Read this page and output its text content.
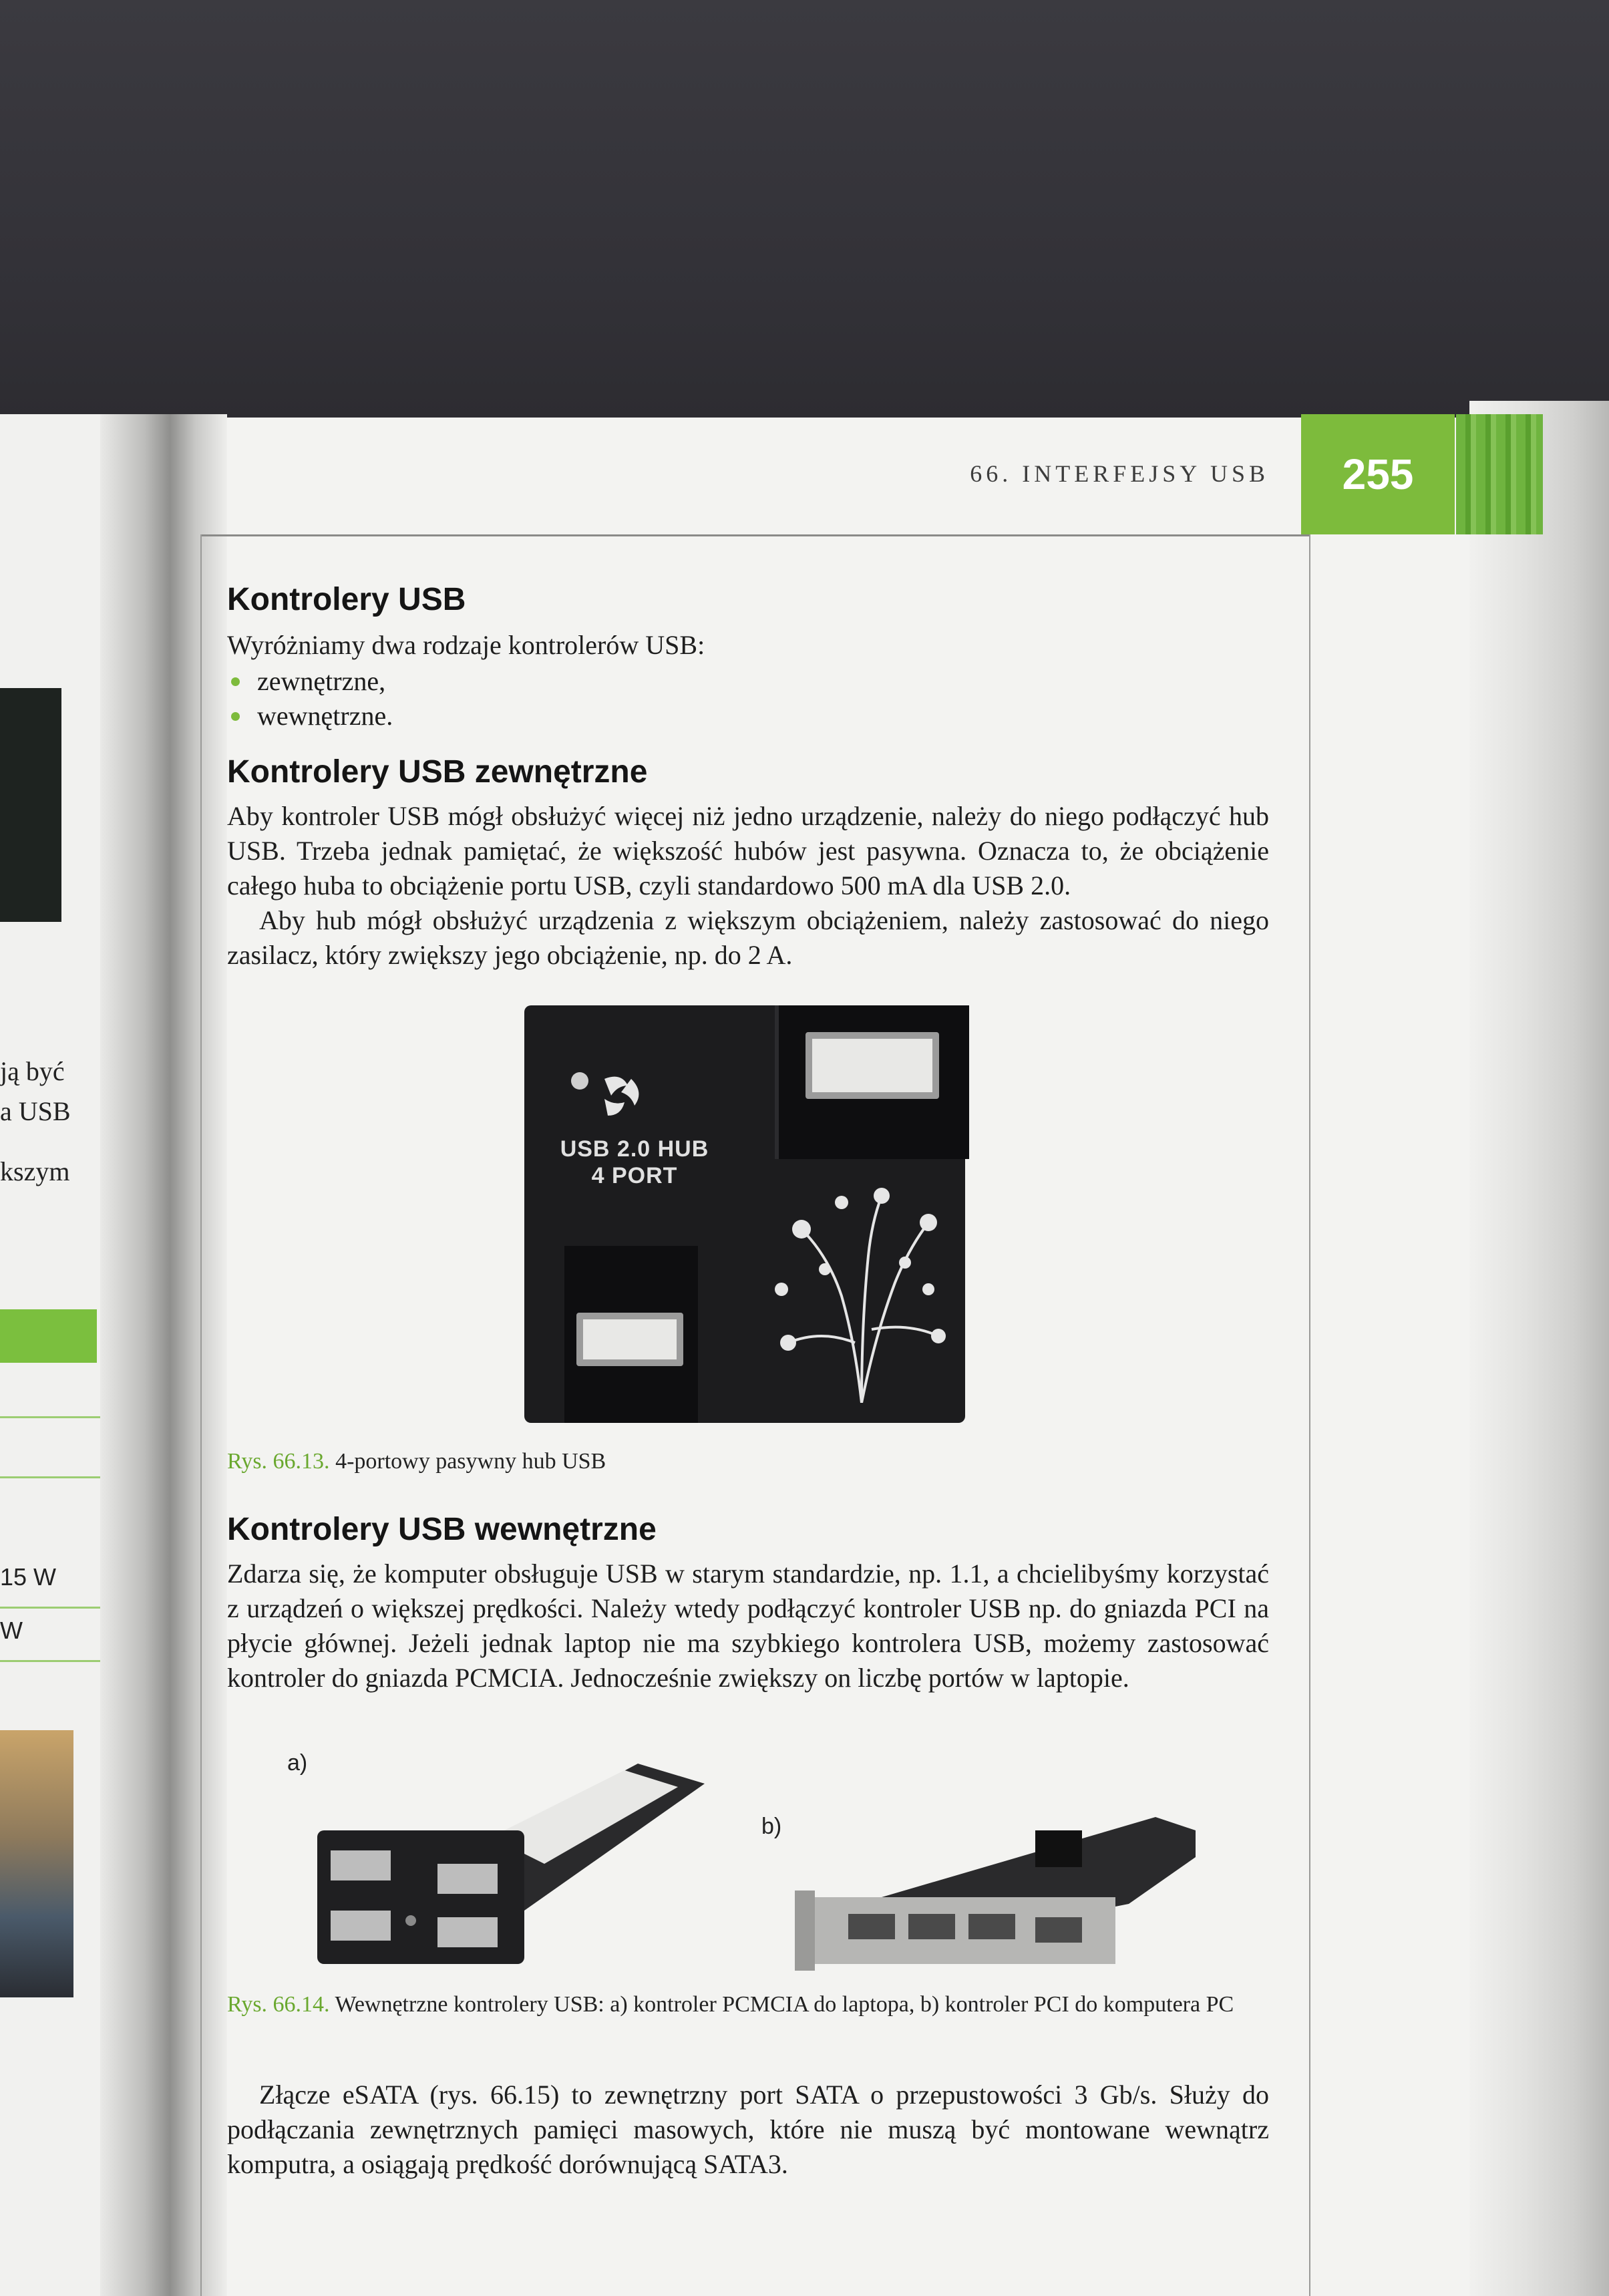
ją być
a USB
kszym
15 W
W
66. INTERFEJSY USB 255
Kontrolery USB

Wyróżniamy dwa rodzaje kontrolerów USB:

zewnętrzne,
wewnętrzne.
Kontrolery USB zewnętrzne

Aby kontroler USB mógł obsłużyć więcej niż jedno urządzenie, należy do niego podłączyć hub USB. Trzeba jednak pamiętać, że większość hubów jest pasywna. Oznacza to, że obciążenie całego huba to obciążenie portu USB, czyli standardowo 500 mA dla USB 2.0.

Aby hub mógł obsłużyć urządzenia z większym obciążeniem, należy zastosować do niego zasilacz, który zwiększy jego obciążenie, np. do 2 A.

USB 2.0 HUB
4 PORT

Rys. 66.13. 4-portowy pasywny hub USB

Kontrolery USB wewnętrzne

Zdarza się, że komputer obsługuje USB w starym standardzie, np. 1.1, a chcielibyśmy korzystać z urządzeń o większej prędkości. Należy wtedy podłączyć kontroler USB np. do gniazda PCI na płycie głównej. Jeżeli jednak laptop nie ma szybkiego kontrolera USB, możemy zastosować kontroler do gniazda PCMCIA. Jednocześnie zwiększy on liczbę portów w laptopie.

a)
b)

Rys. 66.14. Wewnętrzne kontrolery USB: a) kontroler PCMCIA do laptopa, b) kontroler PCI do komputera PC

Złącze eSATA (rys. 66.15) to zewnętrzny port SATA o przepustowości 3 Gb/s. Służy do podłączania zewnętrznych pamięci masowych, które nie muszą być montowane wewnątrz komputra, a osiągają prędkość dorównującą SATA3.
